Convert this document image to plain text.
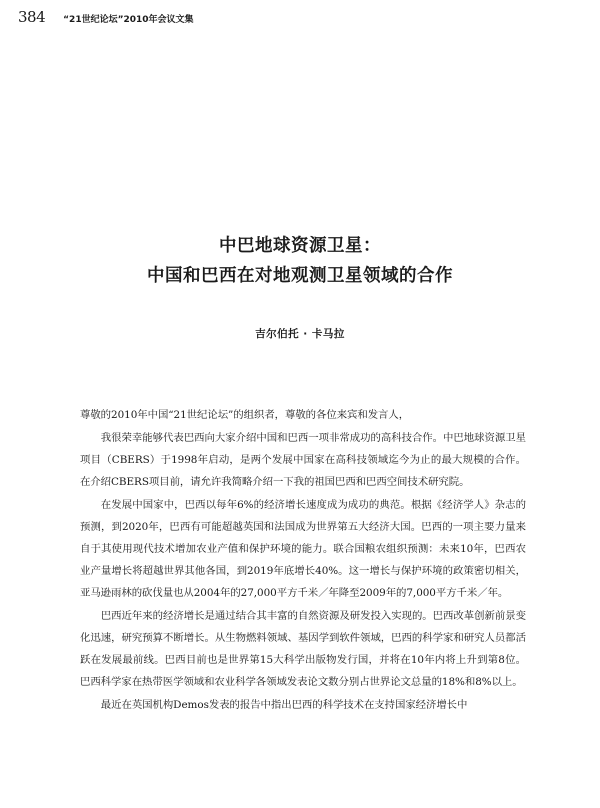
384 “21世纪论坛”2010年会议文集
中巴地球资源卫星：
中国和巴西在对地观测卫星领域的合作
吉尔伯托 · 卡马拉

尊敬的2010年中国“21世纪论坛”的组织者，尊敬的各位来宾和发言人，

我很荣幸能够代表巴西向大家介绍中国和巴西一项非常成功的高科技合作。中巴地球资源卫星项目（CBERS）于1998年启动，是两个发展中国家在高科技领域迄今为止的最大规模的合作。在介绍CBERS项目前，请允许我简略介绍一下我的祖国巴西和巴西空间技术研究院。

在发展中国家中，巴西以每年6%的经济增长速度成为成功的典范。根据《经济学人》杂志的预测，到2020年，巴西有可能超越英国和法国成为世界第五大经济大国。巴西的一项主要力量来自于其使用现代技术增加农业产值和保护环境的能力。联合国粮农组织预测：未来10年，巴西农业产量增长将超越世界其他各国，到2019年底增长40%。这一增长与保护环境的政策密切相关，亚马逊雨林的砍伐量也从2004年的27,000平方千米／年降至2009年的7,000平方千米／年。

巴西近年来的经济增长是通过结合其丰富的自然资源及研发投入实现的。巴西改革创新前景变化迅速，研究预算不断增长。从生物燃料领域、基因学到软件领域，巴西的科学家和研究人员都活跃在发展最前线。巴西目前也是世界第15大科学出版物发行国，并将在10年内将上升到第8位。巴西科学家在热带医学领域和农业科学各领域发表论文数分别占世界论文总量的18%和8%以上。

最近在英国机构Demos发表的报告中指出巴西的科学技术在支持国家经济增长中
